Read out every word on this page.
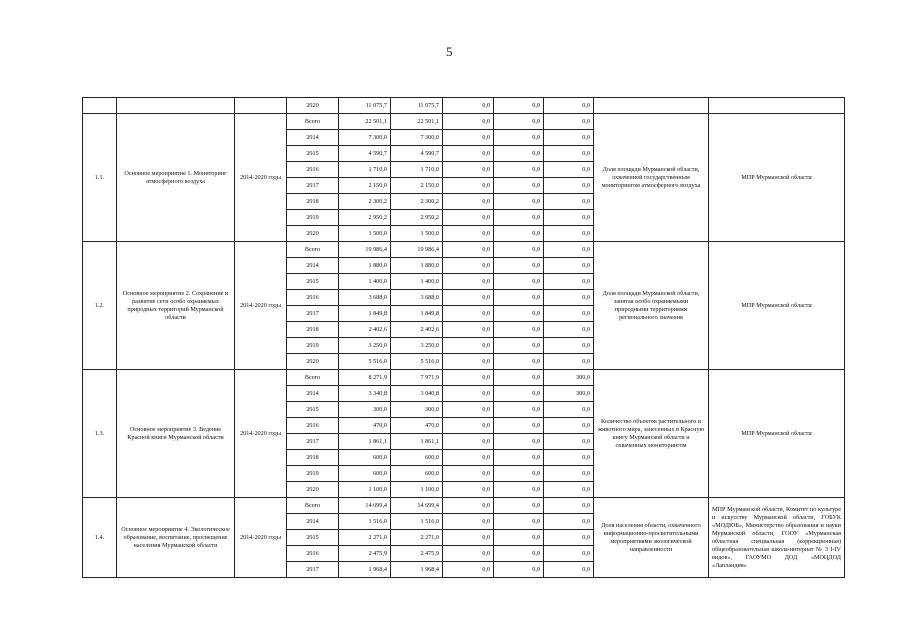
5
			2020	11 075,7	11 075,7	0,0	0,0	0,0		
1.1.	Основное мероприятие 1. Мониторинг атмосферного воздуха	2014-2020 годы	Всего	22 501,1	22 501,1	0,0	0,0	0,0	Доля площади Мурманской области, охваченной государственным мониторингом атмосферного воздуха	МПР Мурманской области
			2014	7 300,0	7 300,0	0,0	0,0	0,0		
			2015	4 590,7	4 590,7	0,0	0,0	0,0		
			2016	1 710,0	1 710,0	0,0	0,0	0,0		
			2017	2 150,0	2 150,0	0,0	0,0	0,0		
			2018	2 300,2	2 300,2	0,0	0,0	0,0		
			2019	2 950,2	2 950,2	0,0	0,0	0,0		
			2020	1 500,0	1 500,0	0,0	0,0	0,0		
1.2.	Основное мероприятие 2. Сохранение и развитие сети особо охраняемых природных территорий Мурманской области	2014-2020 годы	Всего	19 986,4	19 986,4	0,0	0,0	0,0	Доля площади Мурманской области, занятая особо охраняемыми природными территориями регионального значения	МПР Мурманской области
			2014	1 880,0	1 880,0	0,0	0,0	0,0		
			2015	1 400,0	1 400,0	0,0	0,0	0,0		
			2016	3 688,0	3 688,0	0,0	0,0	0,0		
			2017	1 849,8	1 849,8	0,0	0,0	0,0		
			2018	2 402,6	2 402,6	0,0	0,0	0,0		
			2019	3 250,0	3 250,0	0,0	0,0	0,0		
			2020	5 516,0	5 516,0	0,0	0,0	0,0		
1.3.	Основное мероприятие 3. Ведение Красной книги Мурманской области	2014-2020 годы	Всего	8 271,9	7 971,9	0,0	0,0	300,0	Количество объектов растительного и животного мира, занесенных в Красную книгу Мурманской области и охваченных мониторингом	МПР Мурманской области
			2014	3 340,8	3 040,8	0,0	0,0	300,0		
			2015	300,0	300,0	0,0	0,0	0,0		
			2016	470,0	470,0	0,0	0,0	0,0		
			2017	1 861,1	1 861,1	0,0	0,0	0,0		
			2018	600,0	600,0	0,0	0,0	0,0		
			2019	600,0	600,0	0,0	0,0	0,0		
			2020	1 100,0	1 100,0	0,0	0,0	0,0		
1.4.	Основное мероприятие 4. Экологическое образование, воспитание, просвещение населения Мурманской области	2014-2020 годы	Всего	14 699,4	14 699,4	0,0	0,0	0,0	Доля населения области, охваченного информационно-просветительными мероприятиями экологической направленности	МПР Мурманской области, Комитет по культуре и искусству Мурманской области, ГОБУК «МОДЮБ», Министерство образования и науки Мурманской области, ГООУ «Мурманская областная специальная (коррекционная) общеобразовательная школа-интернат № 3 I-IV видов», ГАОУМО ДОД «МОЦДОД «Лапландия»
			2014	1 516,0	1 516,0	0,0	0,0	0,0		
			2015	2 271,0	2 271,0	0,0	0,0	0,0		
			2016	2 475,9	2 475,9	0,0	0,0	0,0		
			2017	1 968,4	1 968,4	0,0	0,0	0,0		
